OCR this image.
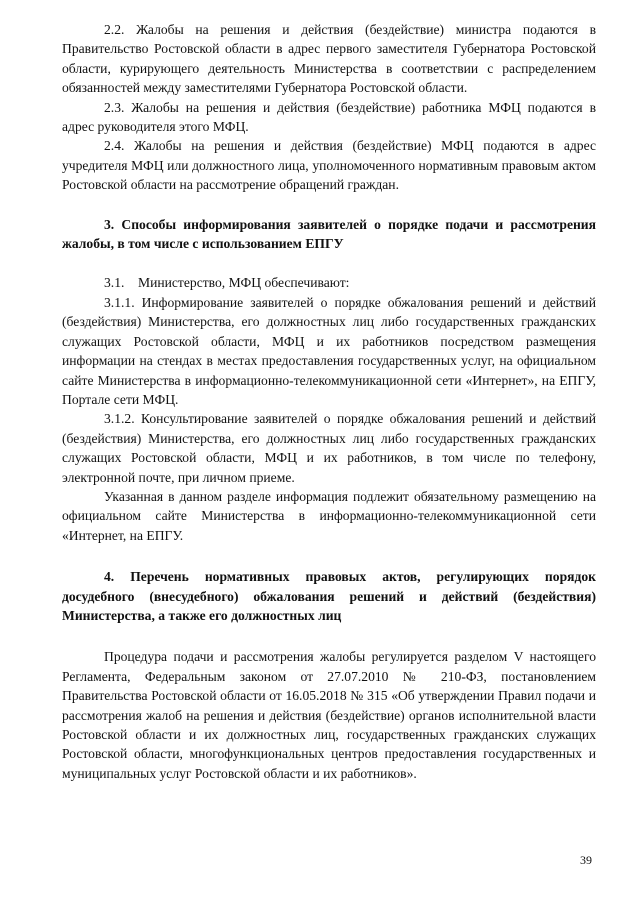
2.2. Жалобы на решения и действия (бездействие) министра подаются в Правительство Ростовской области в адрес первого заместителя Губернатора Ростовской области, курирующего деятельность Министерства в соответствии с распределением обязанностей между заместителями Губернатора Ростовской области.

2.3. Жалобы на решения и действия (бездействие) работника МФЦ подаются в адрес руководителя этого МФЦ.

2.4. Жалобы на решения и действия (бездействие) МФЦ подаются в адрес учредителя МФЦ или должностного лица, уполномоченного нормативным правовым актом Ростовской области на рассмотрение обращений граждан.

3. Способы информирования заявителей о порядке подачи и рассмотрения жалобы, в том числе с использованием ЕПГУ

3.1.    Министерство, МФЦ обеспечивают:

3.1.1. Информирование заявителей о порядке обжалования решений и действий (бездействия) Министерства, его должностных лиц либо государственных гражданских служащих Ростовской области, МФЦ и их работников посредством размещения информации на стендах в местах предоставления государственных услуг, на официальном сайте Министерства в информационно-телекоммуникационной сети «Интернет», на ЕПГУ, Портале сети МФЦ.

3.1.2. Консультирование заявителей о порядке обжалования решений и действий (бездействия) Министерства, его должностных лиц либо государственных гражданских служащих Ростовской области, МФЦ и их работников, в том числе по телефону, электронной почте, при личном приеме.

Указанная в данном разделе информация подлежит обязательному размещению на официальном сайте Министерства в информационно-телекоммуникационной сети «Интернет, на ЕПГУ.

4. Перечень нормативных правовых актов, регулирующих порядок досудебного (внесудебного) обжалования решений и действий (бездействия) Министерства, а также его должностных лиц

Процедура подачи и рассмотрения жалобы регулируется разделом V настоящего Регламента, Федеральным законом от 27.07.2010 № 210-ФЗ, постановлением Правительства Ростовской области от 16.05.2018 № 315 «Об утверждении Правил подачи и рассмотрения жалоб на решения и действия (бездействие) органов исполнительной власти Ростовской области и их должностных лиц, государственных гражданских служащих Ростовской области, многофункциональных центров предоставления государственных и муниципальных услуг Ростовской области и их работников».

39
